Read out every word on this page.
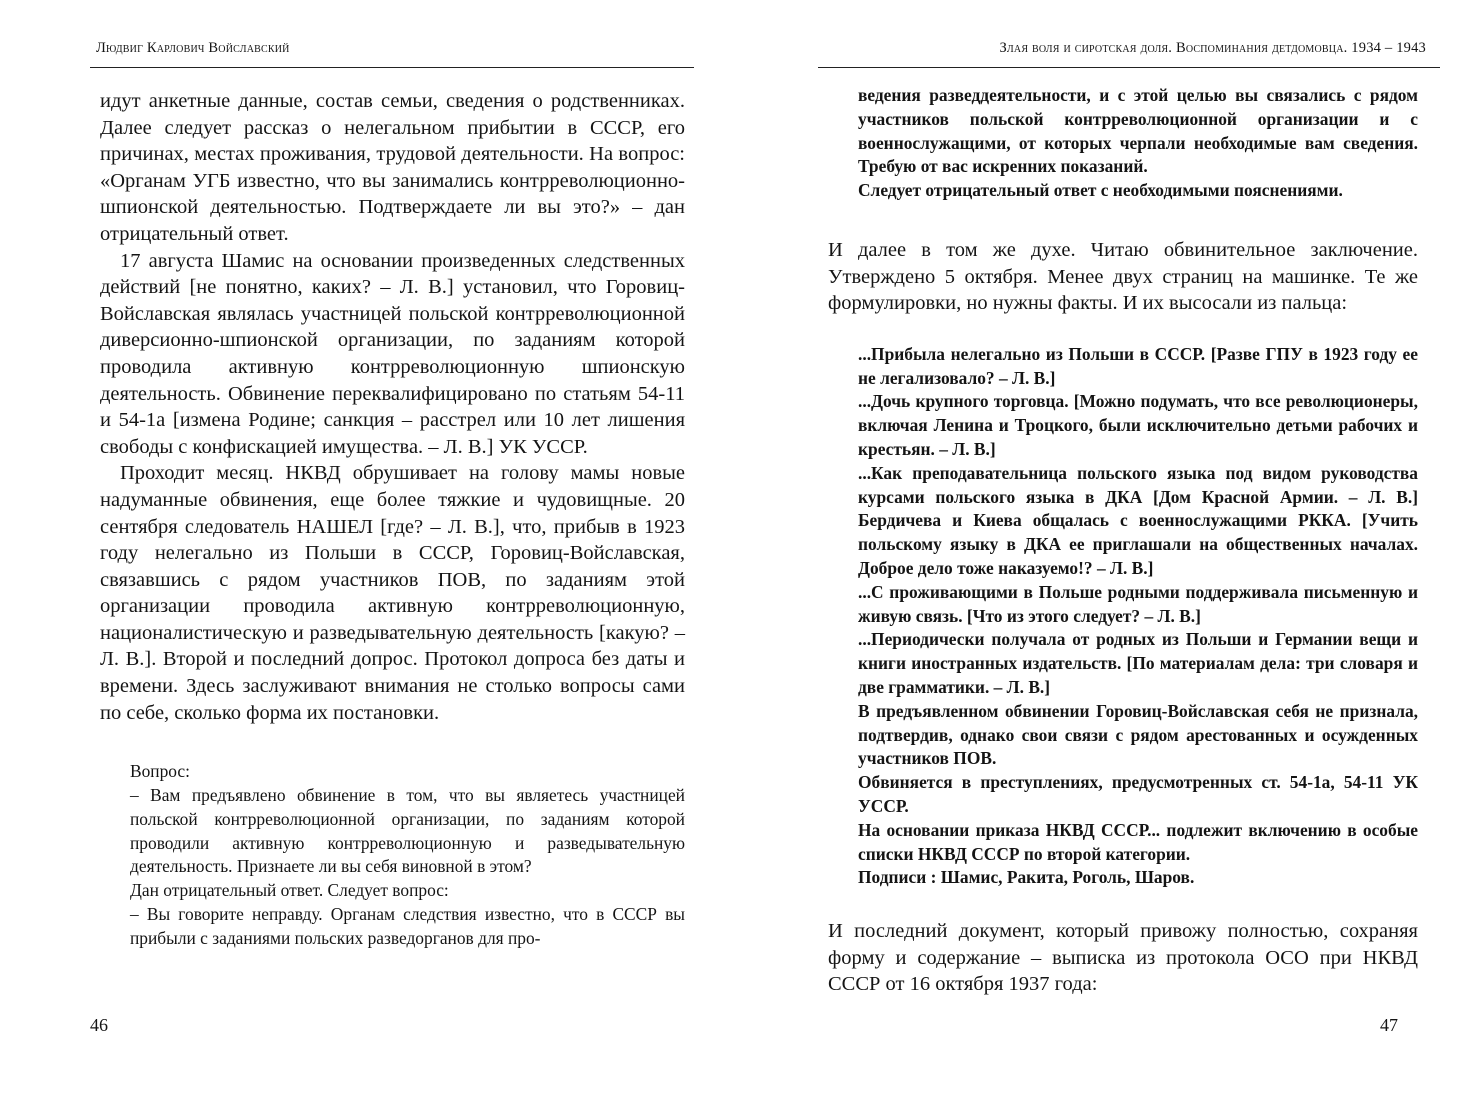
Людвиг Карлович Войславский

идут анкетные данные, состав семьи, сведения о родственниках. Далее следует рассказ о нелегальном прибытии в СССР, его причинах, местах проживания, трудовой деятельности. На вопрос: «Органам УГБ известно, что вы занимались контрреволюционно-шпионской деятельностью. Подтверждаете ли вы это?» – дан отрицательный ответ.

17 августа Шамис на основании произведенных следственных действий [не понятно, каких? – Л. В.] установил, что Горовиц-Войславская являлась участницей польской контрреволюционной диверсионно-шпионской организации, по заданиям которой проводила активную контрреволюционную шпионскую деятельность. Обвинение переквалифицировано по статьям 54-11 и 54-1а [измена Родине; санкция – расстрел или 10 лет лишения свободы с конфискацией имущества. – Л. В.] УК УССР.

Проходит месяц. НКВД обрушивает на голову мамы новые надуманные обвинения, еще более тяжкие и чудовищные. 20 сентября следователь НАШЕЛ [где? – Л. В.], что, прибыв в 1923 году нелегально из Польши в СССР, Горовиц-Войславская, связавшись с рядом участников ПОВ, по заданиям этой организации проводила активную контрреволюционную, националистическую и разведывательную деятельность [какую? – Л. В.]. Второй и последний допрос. Протокол допроса без даты и времени. Здесь заслуживают внимания не столько вопросы сами по себе, сколько форма их постановки.

Вопрос:

– Вам предъявлено обвинение в том, что вы являетесь участницей польской контрреволюционной организации, по заданиям которой проводили активную контрреволюционную и разведывательную деятельность. Признаете ли вы себя виновной в этом?

Дан отрицательный ответ. Следует вопрос:

– Вы говорите неправду. Органам следствия известно, что в СССР вы прибыли с заданиями польских разведорганов для про-

46
Злая воля и сиротская доля. Воспоминания детдомовца. 1934 – 1943

ведения разведдеятельности, и с этой целью вы связались с рядом участников польской контрреволюционной организации и с военнослужащими, от которых черпали необходимые вам сведения. Требую от вас искренних показаний.

Следует отрицательный ответ с необходимыми пояснениями.

И далее в том же духе. Читаю обвинительное заключение. Утверждено 5 октября. Менее двух страниц на машинке. Те же формулировки, но нужны факты. И их высосали из пальца:

...Прибыла нелегально из Польши в СССР. [Разве ГПУ в 1923 году ее не легализовало? – Л. В.]

...Дочь крупного торговца. [Можно подумать, что все революционеры, включая Ленина и Троцкого, были исключительно детьми рабочих и крестьян. – Л. В.]

...Как преподавательница польского языка под видом руководства курсами польского языка в ДКА [Дом Красной Армии. – Л. В.] Бердичева и Киева общалась с военнослужащими РККА. [Учить польскому языку в ДКА ее приглашали на общественных началах. Доброе дело тоже наказуемо!? – Л. В.]

...С проживающими в Польше родными поддерживала письменную и живую связь. [Что из этого следует? – Л. В.]

...Периодически получала от родных из Польши и Германии вещи и книги иностранных издательств. [По материалам дела: три словаря и две грамматики. – Л. В.]

В предъявленном обвинении Горовиц-Войславская себя не признала, подтвердив, однако свои связи с рядом арестованных и осужденных участников ПОВ.

Обвиняется в преступлениях, предусмотренных ст. 54-1а, 54-11 УК УССР.

На основании приказа НКВД СССР... подлежит включению в особые списки НКВД СССР по второй категории.

Подписи : Шамис, Ракита, Роголь, Шаров.

И последний документ, который привожу полностью, сохраняя форму и содержание – выписка из протокола ОСО при НКВД СССР от 16 октября 1937 года:

47
